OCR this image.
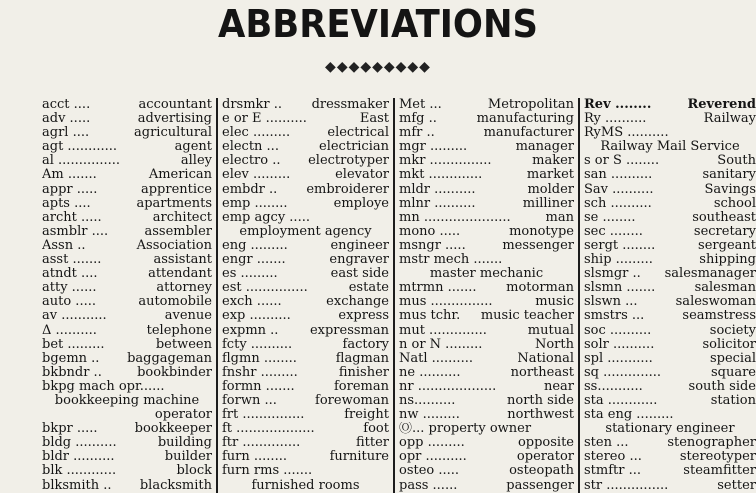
ABBREVIATIONS
◆◆◆◆◆◆◆◆◆
acct ....	accountant
adv .....	advertising
agrl ....	agricultural
agt ............	agent
al ...............	alley
Am .......	American
appr .....	apprentice
apts ....	apartments
archt .....	architect
asmblr ....	assembler
Assn ..	Association
asst .......	assistant
atndt ....	attendant
atty ......	attorney
auto .....	automobile
av ...........	avenue
Δ ..........	telephone
bet .........	between
bgemn .. baggageman
bkbndr ..	bookbinder
bkpg mach opr......
bookkeeping machine
operator
bkpr .....	bookkeeper
bldg ..........	building
bldr ..........	builder
blk ............	block
blksmith .. blacksmith
drsmkr .. dressmaker
e or E ..........	East
elec .........	electrical
electn ...	electrician
electro .. electrotyper
elev .........	elevator
embdr .. embroiderer
emp ........	employe
emp agcy .....
employment agency
eng .........	engineer
engr .......	engraver
es .........	east side
est ...............	estate
exch ......	exchange
exp ..........	express
expmn .. expressman
fcty ..........	factory
flgmn ........	flagman
fnshr .........	finisher
formn .......	foreman
forwn ...	forewoman
frt ...............	freight
ft ...................	foot
ftr ..............	fitter
furn ........	furniture
furn rms .......
furnished rooms
Met ...	Metropolitan
mfg ..	manufacturing
mfr ..	manufacturer
mgr .........	manager
mkr ...............	maker
mkt .............	market
mldr ..........	molder
mlnr ..........	milliner
mn .....................	man
mono .....	monotype
msngr .....	messenger
mstr mech .......
master mechanic
mtrmn ....... motorman
mus ...............	music
mus tchr. music teacher
mut ..............	mutual
n or N .........	North
Natl ..........	National
ne ..........	northeast
nr ...................	near
ns..........	north side
nw .........	northwest
Ⓞ... property owner
opp .........	opposite
opr ..........	operator
osteo .....	osteopath
pass ......	passenger
Rev ........	Reverend
Ry ..........	Railway
RyMS ..........
Railway Mail Service
s or S ........	South
san ..........	sanitary
Sav ..........	Savings
sch ..........	school
se ........	southeast
sec ........	secretary
sergt ........	sergeant
ship .........	shipping
slsmgr .. salesmanager
slsmn .......	salesman
slswn ...	saleswoman
smstrs ...	seamstress
soc ..........	society
solr ..........	solicitor
spl ...........	special
sq ..............	square
ss...........	south side
sta ............	station
sta eng .........
stationary engineer
sten ...	stenographer
stereo ...	stereotyper
stmftr ...	steamfitter
str ...............	setter
